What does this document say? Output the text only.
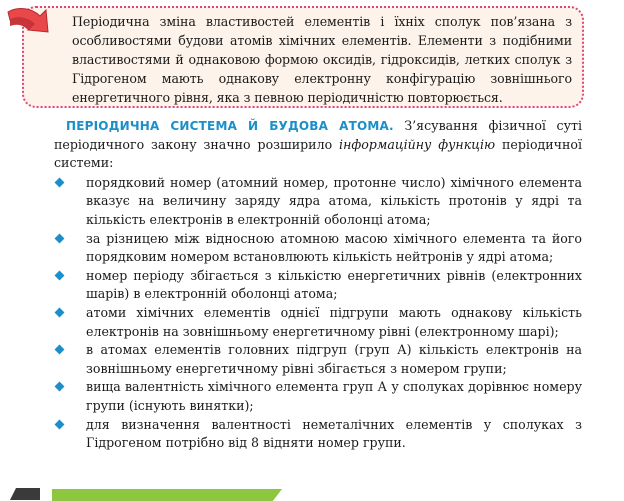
Періодична зміна властивостей елементів і їхніх сполук пов’язана з особливостями будови атомів хімічних елементів. Елементи з подібними властивостями й однаковою формою оксидів, гідроксидів, летких сполук з Гідрогеном мають однакову електронну конфігурацію зовнішнього енергетичного рівня, яка з певною періодичністю повторюється.

ПЕРІОДИЧНА СИСТЕМА Й БУДОВА АТОМА. З’ясування фізичної суті періодичного закону значно розширило інформаційну функцію періодичної системи:

порядковий номер (атомний номер, протонне число) хімічного елемента вказує на величину заряду ядра атома, кількість протонів у ядрі та кількість електронів в електронній оболонці атома;
за різницею між відносною атомною масою хімічного елемента та його порядковим номером встановлюють кількість нейтронів у ядрі атома;
номер періоду збігається з кількістю енергетичних рівнів (електронних шарів) в електронній оболонці атома;
атоми хімічних елементів однієї підгрупи мають однакову кількість електронів на зовнішньому енергетичному рівні (електронному шарі);
в атомах елементів головних підгруп (груп А) кількість електронів на зовнішньому енергетичному рівні збігається з номером групи;
вища валентність хімічного елемента груп А у сполуках дорівнює номеру групи (існують винятки);
для визначення валентності неметалічних елементів у сполуках з Гідрогеном потрібно від 8 відняти номер групи.
